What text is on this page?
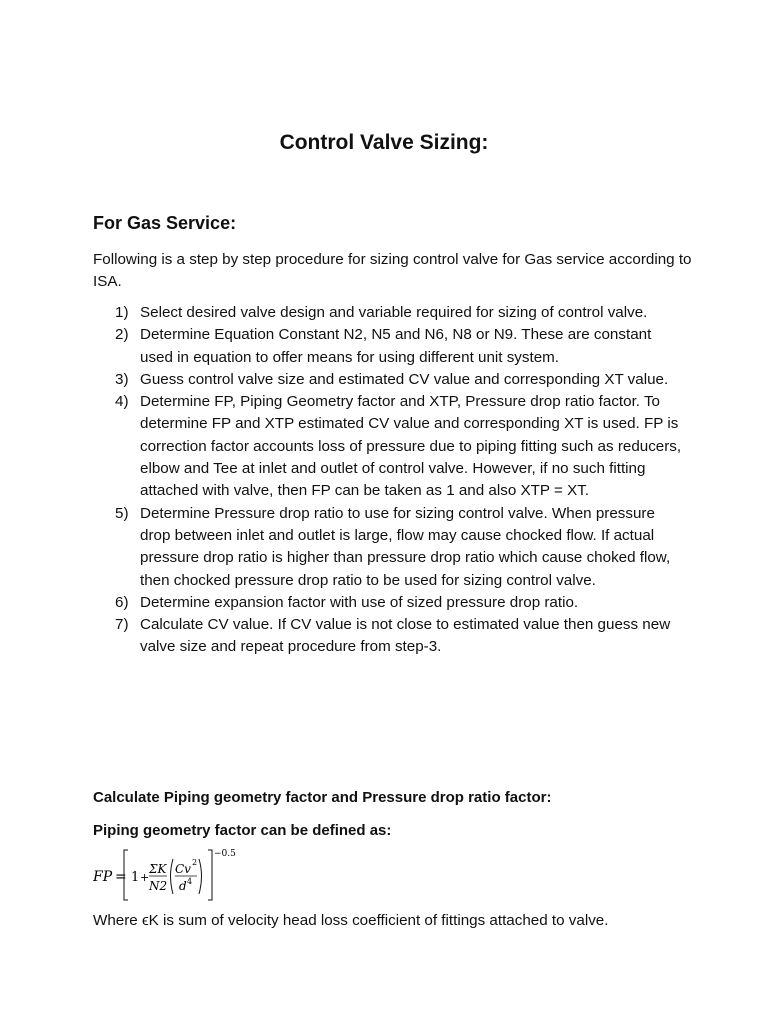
Control Valve Sizing:
For Gas Service:
Following is a step by step procedure for sizing control valve for Gas service according to ISA.
1) Select desired valve design and variable required for sizing of control valve.
2) Determine Equation Constant N2, N5 and N6, N8 or N9. These are constant used in equation to offer means for using different unit system.
3) Guess control valve size and estimated CV value and corresponding XT value.
4) Determine FP, Piping Geometry factor and XTP, Pressure drop ratio factor. To determine FP and XTP estimated CV value and corresponding XT is used. FP is correction factor accounts loss of pressure due to piping fitting such as reducers, elbow and Tee at inlet and outlet of control valve. However, if no such fitting attached with valve, then FP can be taken as 1 and also XTP = XT.
5) Determine Pressure drop ratio to use for sizing control valve. When pressure drop between inlet and outlet is large, flow may cause chocked flow. If actual pressure drop ratio is higher than pressure drop ratio which cause choked flow, then chocked pressure drop ratio to be used for sizing control valve.
6) Determine expansion factor with use of sized pressure drop ratio.
7) Calculate CV value. If CV value is not close to estimated value then guess new valve size and repeat procedure from step-3.
Calculate Piping geometry factor and Pressure drop ratio factor:
Piping geometry factor can be defined as:
FP = 1 +
ΣK
N2
Cv 2
d 4
−0.5
Where ϵK is sum of velocity head loss coefficient of fittings attached to valve.
